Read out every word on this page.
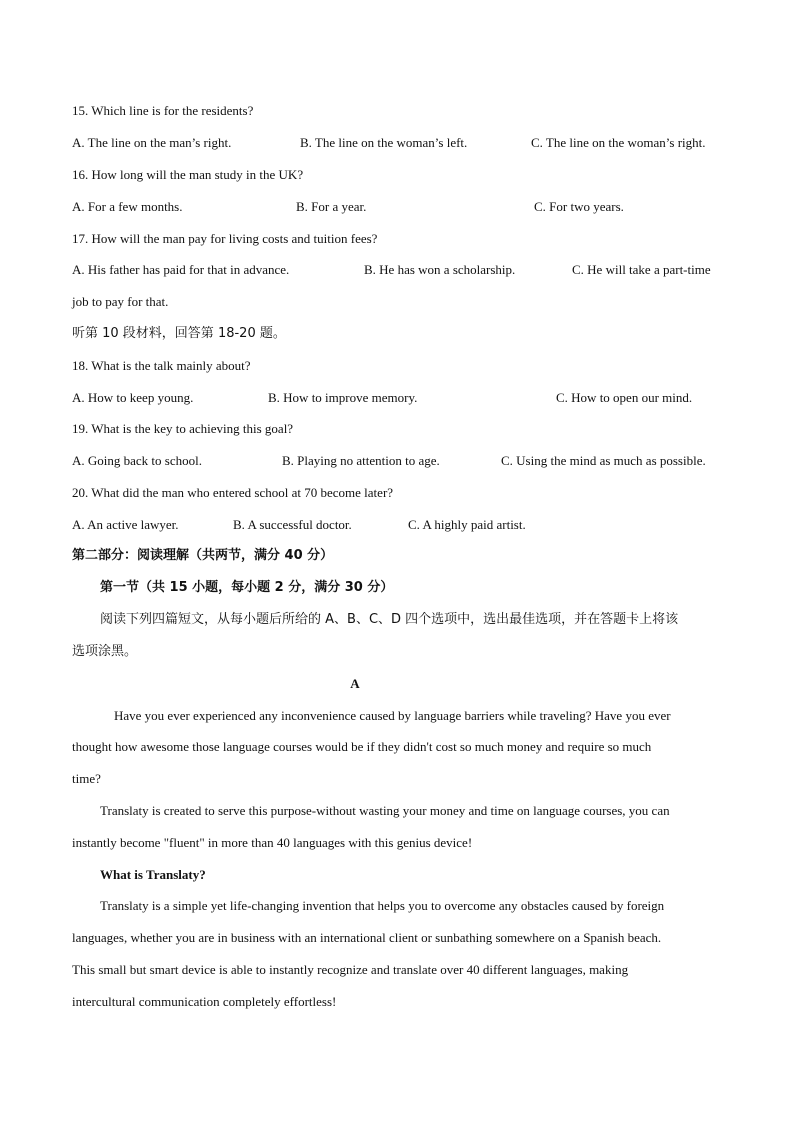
15. Which line is for the residents?
A. The line on the man’s right.	B. The line on the woman’s left.	C. The line on the woman’s right.
16. How long will the man study in the UK?
A. For a few months.	B. For a year.	C. For two years.
17. How will the man pay for living costs and tuition fees?
A. His father has paid for that in advance.	B. He has won a scholarship.	C. He will take a part-time
job to pay for that.
听第 10 段材料，回答第 18-20 题。
18. What is the talk mainly about?
A. How to keep young.	B. How to improve memory.	C. How to open our mind.
19. What is the key to achieving this goal?
A. Going back to school.	B. Playing no attention to age.	C. Using the mind as much as possible.
20. What did the man who entered school at 70 become later?
A. An active lawyer.	B. A successful doctor.	C. A highly paid artist.
第二部分：阅读理解（共两节，满分 40 分）
第一节（共 15 小题，每小题 2 分，满分 30 分）
阅读下列四篇短文，从每小题后所给的 A、B、C、D 四个选项中，选出最佳选项，并在答题卡上将该
选项涂黑。
A
Have you ever experienced any inconvenience caused by language barriers while traveling? Have you ever
thought how awesome those language courses would be if they didn't cost so much money and require so much
time?
Translaty is created to serve this purpose-without wasting your money and time on language courses, you can
instantly become "fluent" in more than 40 languages with this genius device!
What is Translaty?
Translaty is a simple yet life-changing invention that helps you to overcome any obstacles caused by foreign
languages, whether you are in business with an international client or sunbathing somewhere on a Spanish beach.
This small but smart device is able to instantly recognize and translate over 40 different languages, making
intercultural communication completely effortless!
